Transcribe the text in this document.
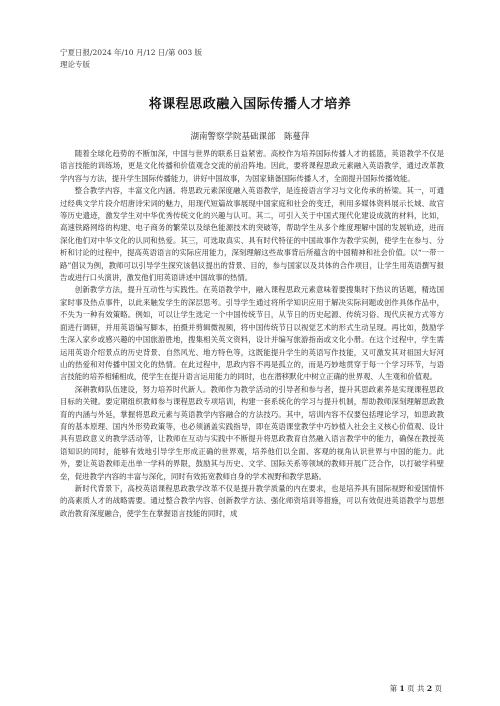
宁夏日报/2024 年/10 月/12 日/第 003 版
理论专版
将课程思政融入国际传播人才培养
湖南警察学院基础课部　陈蔓萍

随着全球化趋势的不断加深，中国与世界的联系日益紧密。高校作为培养国际传播人才的摇篮，英语教学不仅是语言技能的训练场，更是文化传播和价值观念交流的前沿阵地。因此，要将课程思政元素融入英语教学，通过改革教学内容与方法，提升学生国际传播能力，讲好中国故事，为国家储备国际传播人才，全面提升国际传播效能。

整合教学内容，丰富文化内涵。将思政元素深度融入英语教学，是连接语言学习与文化传承的桥梁。其一，可通过经典文学片段介绍唐诗宋词的魅力，用现代短篇故事展现中国家庭和社会的变迁，利用多媒体资料展示长城、故宫等历史遗迹，激发学生对中华优秀传统文化的兴趣与认可。其二，可引入关于中国式现代化建设成就的材料，比如，高速铁路网络的构建、电子商务的繁荣以及绿色能源技术的突破等，帮助学生从多个维度理解中国的发展轨迹，进而深化他们对中华文化的认同和热爱。其三，可选取真实、具有时代特征的中国故事作为教学实例，使学生在参与、分析和讨论的过程中，提高英语语言的实际应用能力，深刻理解这些故事背后所蕴含的中国精神和社会价值。以“一带一路”倡议为例，教师可以引导学生探究该倡议提出的背景、目的，参与国家以及共体的合作项目，让学生用英语撰写报告或进行口头演讲，激发他们用英语讲述中国故事的热情。

创新教学方法，提升互动性与实践性。在英语教学中，融入课程思政元素意味着要搜集时下热议的话题，精选国家时事及热点事件，以此来触发学生的深层思考。引导学生通过将所学知识应用于解决实际问题或创作具体作品中，不失为一种有效策略。例如，可以让学生选定一个中国传统节日，从节日的历史起源、传统习俗、现代庆祝方式等方面进行调研，并用英语编写脚本，拍摄并剪辑微视频，将中国传统节日以视觉艺术的形式生动呈现。再比如，鼓励学生深入家乡或感兴趣的中国旅游胜地，搜集相关英文资料，设计并编写旅游指南或文化小册。在这个过程中，学生需运用英语介绍景点的历史背景、自然风光、地方特色等，这既能提升学生的英语写作技能，又可激发其对祖国大好河山的热爱和对传播中国文化的热情。在此过程中，思政内容不再是孤立的，而是巧妙地贯穿于每一个学习环节，与语言技能的培养相辅相成，使学生在提升语言运用能力的同时，也在潜移默化中树立正确的世界观、人生观和价值观。

深耕教师队伍建设，努力培养时代新人。教师作为教学活动的引导者和参与者，提升其思政素养是实现课程思政目标的关键。要定期组织教师参与课程思政专项培训，构建一套系统化的学习与提升机制，帮助教师深刻理解思政教育的内涵与外延，掌握将思政元素与英语教学内容融合的方法技巧。其中，培训内容不仅要包括理论学习，如思政教育的基本原理、国内外形势政策等，也必须涵盖实践指导，即在英语课堂教学中巧妙植入社会主义核心价值观、设计具有思政意义的教学活动等，让教师在互动与实践中不断提升将思政教育自然融入语言教学中的能力，确保在教授英语知识的同时，能够有效地引导学生形成正确的世界观，培养他们以全面、客观的视角认识世界与中国的能力。此外，要让英语教师走出单一学科的界限，鼓励其与历史、文学、国际关系等领域的教师开展广泛合作，以打破学科壁垒，促进教学内容的丰富与深化，同时有效拓宽教师自身的学术视野和教学思路。

新时代背景下，高校英语课程思政教学改革不仅是提升教学质量的内在要求，也是培养具有国际视野和爱国情怀的高素质人才的战略需要。通过整合教学内容、创新教学方法、强化师资培训等措施，可以有效促进英语教学与思想政治教育深度融合，使学生在掌握语言技能的同时，成

第 1 页 共 2 页
